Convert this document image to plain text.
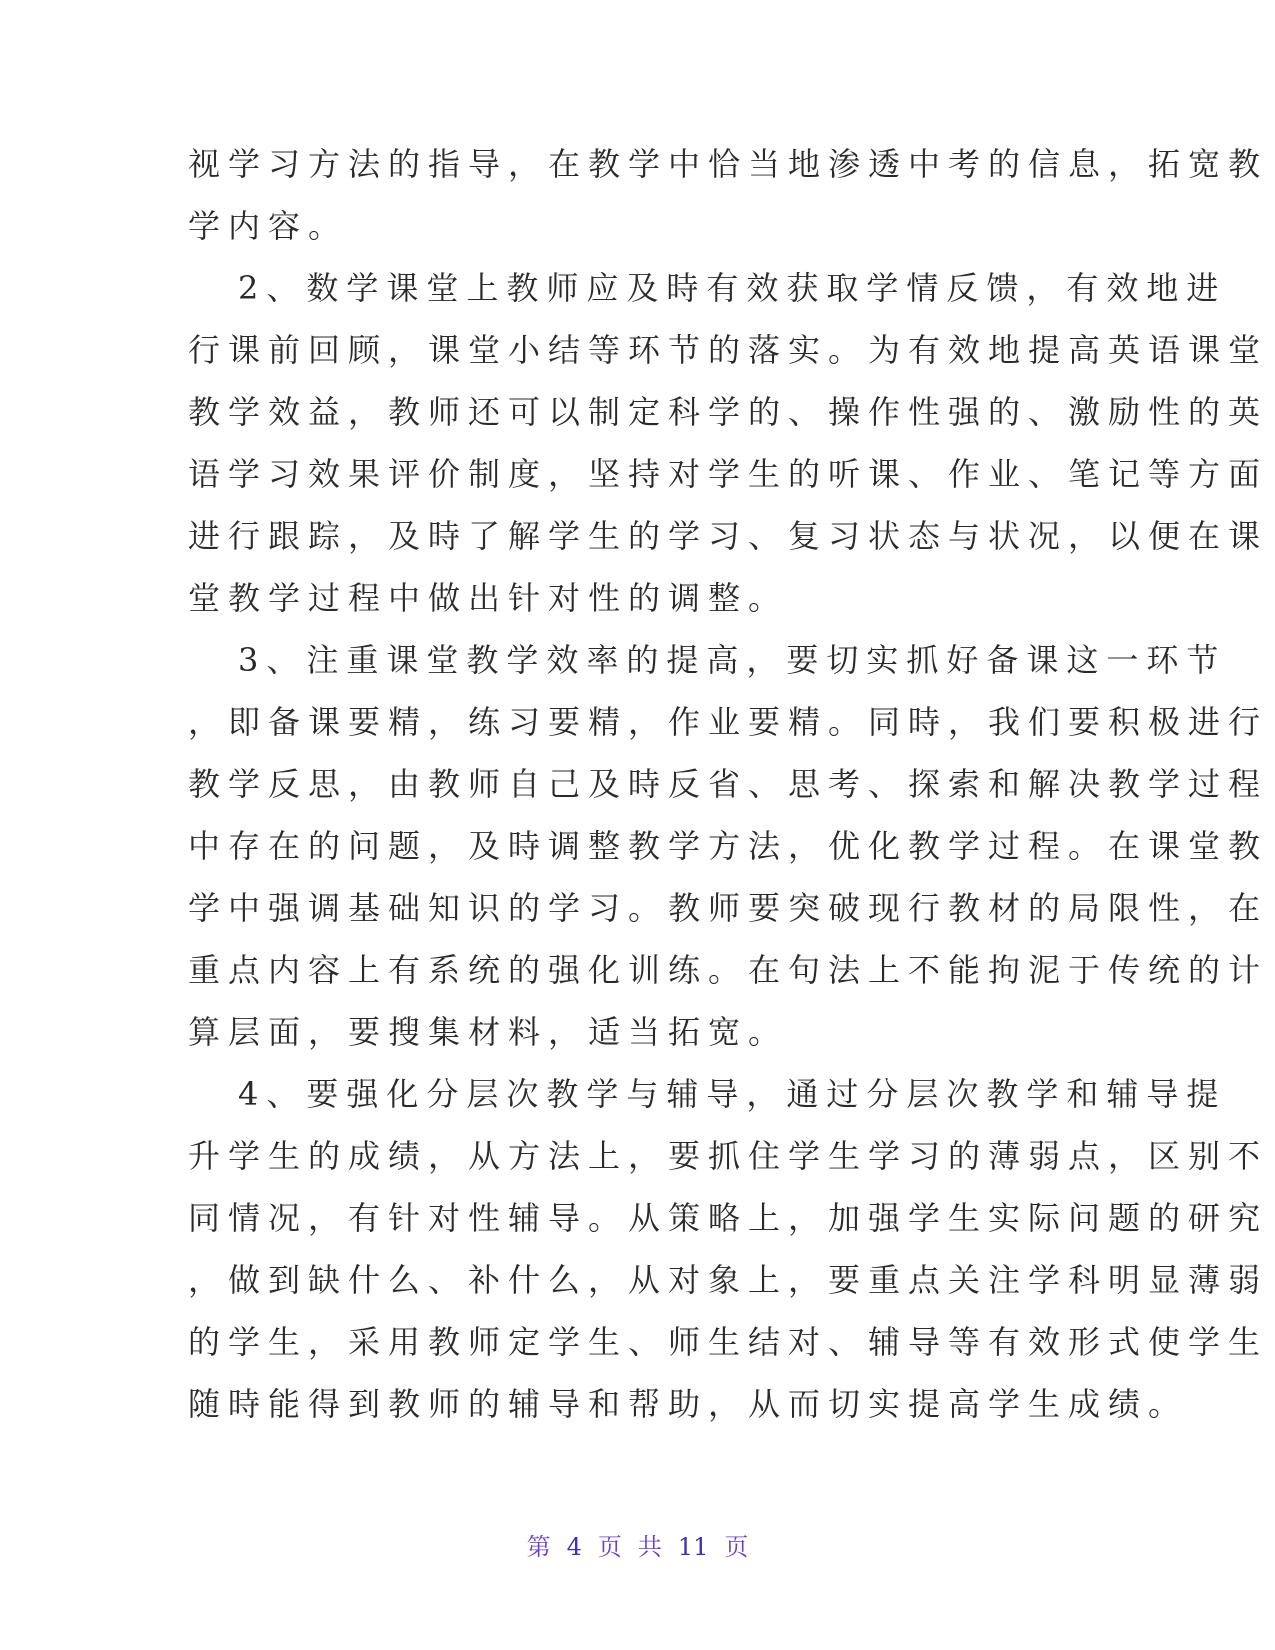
视学习方法的指导，在教学中恰当地渗透中考的信息，拓宽教
学内容。
2、数学课堂上教师应及時有效获取学情反馈，有效地进
行课前回顾，课堂小结等环节的落实。为有效地提高英语课堂
教学效益，教师还可以制定科学的、操作性强的、激励性的英
语学习效果评价制度，坚持对学生的听课、作业、笔记等方面
进行跟踪，及時了解学生的学习、复习状态与状况，以便在课
堂教学过程中做出针对性的调整。
3、注重课堂教学效率的提高，要切实抓好备课这一环节
，即备课要精，练习要精，作业要精。同時，我们要积极进行
教学反思，由教师自己及時反省、思考、探索和解决教学过程
中存在的问题，及時调整教学方法，优化教学过程。在课堂教
学中强调基础知识的学习。教师要突破现行教材的局限性，在
重点内容上有系统的强化训练。在句法上不能拘泥于传统的计
算层面，要搜集材料，适当拓宽。
4、要强化分层次教学与辅导，通过分层次教学和辅导提
升学生的成绩，从方法上，要抓住学生学习的薄弱点，区别不
同情况，有针对性辅导。从策略上，加强学生实际问题的研究
，做到缺什么、补什么，从对象上，要重点关注学科明显薄弱
的学生，采用教师定学生、师生结对、辅导等有效形式使学生
随時能得到教师的辅导和帮助，从而切实提高学生成绩。
第 4 页 共 11 页
